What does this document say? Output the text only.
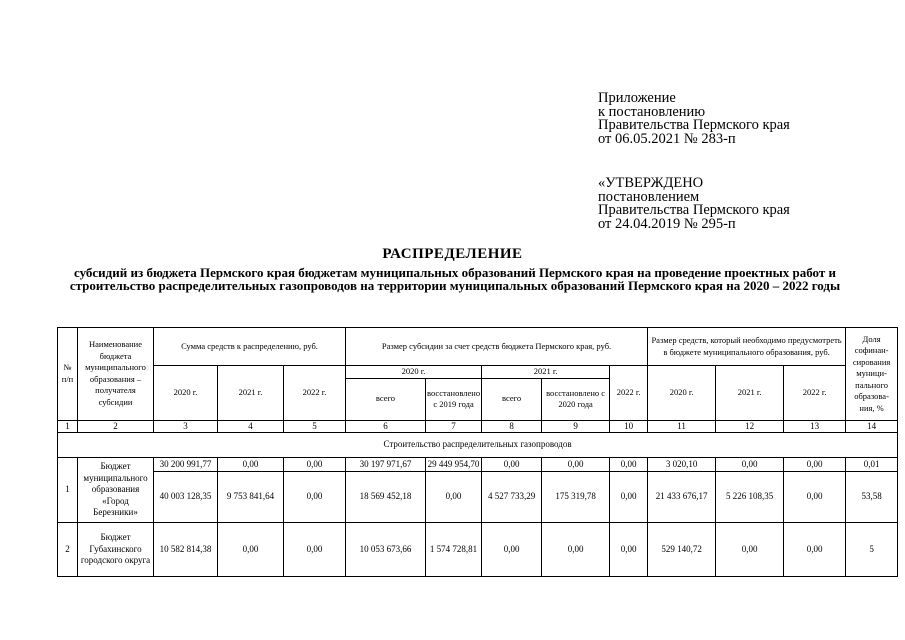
Приложение
к постановлению
Правительства Пермского края
от 06.05.2021 № 283-п
«УТВЕРЖДЕНО
постановлением
Правительства Пермского края
от 24.04.2019 № 295-п
РАСПРЕДЕЛЕНИЕ
субсидий из бюджета Пермского края бюджетам муниципальных образований Пермского края на проведение проектных работ и строительство распределительных газопроводов на территории муниципальных образований Пермского края на 2020 – 2022 годы
№ п/п	Наименование бюджета муниципального образования – получателя субсидии	Сумма средств к распределению, руб.			Размер субсидии за счет средств бюджета Пермского края, руб.					Размер средств, который необходимо предусмотреть в бюджете муниципального образования, руб.			Доля софинан-сирования муници-пального образова-ния, %
		2020 г.	2021 г.	2022 г.	2020 г.		2021 г.		2022 г.	2020 г.	2021 г.	2022 г.	
					всего	восстановлено с 2019 года	всего	восстановлено с 2020 года					
1	2	3	4	5	6	7	8	9	10	11	12	13	14
Строительство распределительных газопроводов													
1	Бюджет муниципального образования «Город Березники»	30 200 991,77	0,00	0,00	30 197 971,67	29 449 954,70	0,00	0,00	0,00	3 020,10	0,00	0,00	0,01
		40 003 128,35	9 753 841,64	0,00	18 569 452,18	0,00	4 527 733,29	175 319,78	0,00	21 433 676,17	5 226 108,35	0,00	53,58
2	Бюджет Губахинского городского округа	10 582 814,38	0,00	0,00	10 053 673,66	1 574 728,81	0,00	0,00	0,00	529 140,72	0,00	0,00	5
